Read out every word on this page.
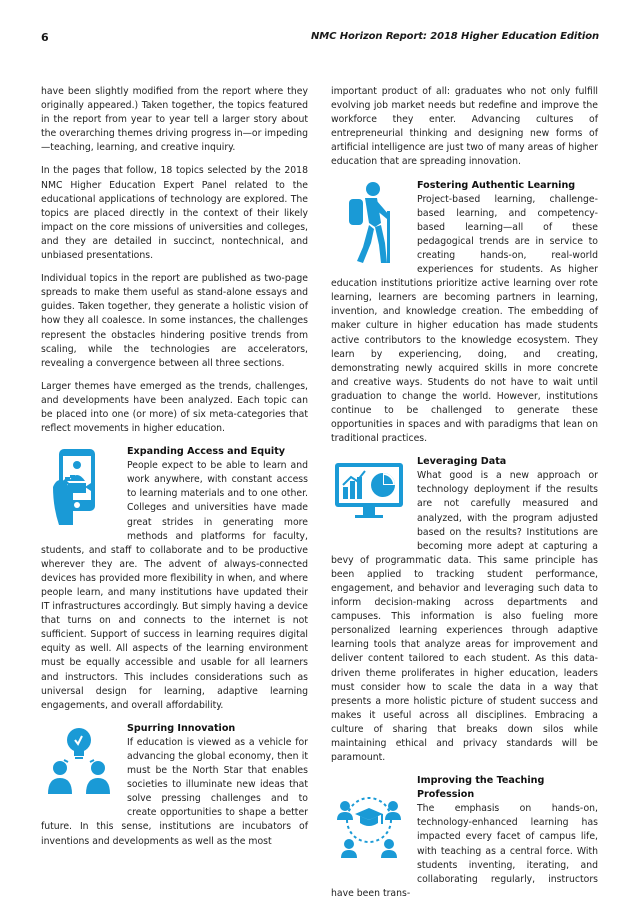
6	NMC Horizon Report: 2018 Higher Education Edition

have been slightly modified from the report where they originally appeared.) Taken together, the topics featured in the report from year to year tell a larger story about the overarching themes driving progress in—or impeding—teaching, learning, and creative inquiry.

In the pages that follow, 18 topics selected by the 2018 NMC Higher Education Expert Panel related to the educational applications of technology are explored. The topics are placed directly in the context of their likely impact on the core missions of universities and colleges, and they are detailed in succinct, nontechnical, and unbiased presentations.

Individual topics in the report are published as two-page spreads to make them useful as stand-alone essays and guides. Taken together, they generate a holistic vision of how they all coalesce. In some instances, the challenges represent the obstacles hindering positive trends from scaling, while the technologies are accelerators, revealing a convergence between all three sections.

Larger themes have emerged as the trends, challenges, and developments have been analyzed. Each topic can be placed into one (or more) of six meta-categories that reflect movements in higher education.

Expanding Access and Equity
People expect to be able to learn and work anywhere, with constant access to learning materials and to one other. Colleges and universities have made great strides in generating more methods and platforms for faculty, students, and staff to collaborate and to be productive wherever they are. The advent of always-connected devices has provided more flexibility in when, and where people learn, and many institutions have updated their IT infrastructures accordingly. But simply having a device that turns on and connects to the internet is not sufficient. Support of success in learning requires digital equity as well. All aspects of the learning environment must be equally accessible and usable for all learners and instructors. This includes considerations such as universal design for learning, adaptive learning engagements, and overall affordability.
Spurring Innovation
If education is viewed as a vehicle for advancing the global economy, then it must be the North Star that enables societies to illuminate new ideas that solve pressing challenges and to create opportunities to shape a better future. In this sense, institutions are incubators of inventions and developments as well as the most

important product of all: graduates who not only fulfill evolving job market needs but redefine and improve the workforce they enter. Advancing cultures of entrepreneurial thinking and designing new forms of artificial intelligence are just two of many areas of higher education that are spreading innovation.

Fostering Authentic Learning
Project-based learning, challenge-based learning, and competency-based learning—all of these pedagogical trends are in service to creating hands-on, real-world experiences for students. As higher education institutions prioritize active learning over rote learning, learners are becoming partners in learning, invention, and knowledge creation. The embedding of maker culture in higher education has made students active contributors to the knowledge ecosystem. They learn by experiencing, doing, and creating, demonstrating newly acquired skills in more concrete and creative ways. Students do not have to wait until graduation to change the world. However, institutions continue to be challenged to generate these opportunities in spaces and with paradigms that lean on traditional practices.
Leveraging Data
What good is a new approach or technology deployment if the results are not carefully measured and analyzed, with the program adjusted based on the results? Institutions are becoming more adept at capturing a bevy of programmatic data. This same principle has been applied to tracking student performance, engagement, and behavior and leveraging such data to inform decision-making across departments and campuses. This information is also fueling more personalized learning experiences through adaptive learning tools that analyze areas for improvement and deliver content tailored to each student. As this data-driven theme proliferates in higher education, leaders must consider how to scale the data in a way that presents a more holistic picture of student success and makes it useful across all disciplines. Embracing a culture of sharing that breaks down silos while maintaining ethical and privacy standards will be paramount.
Improving the Teaching Profession
The emphasis on hands-on, technology-enhanced learning has impacted every facet of campus life, with teaching as a central force. With students inventing, iterating, and collaborating regularly, instructors have been trans-
